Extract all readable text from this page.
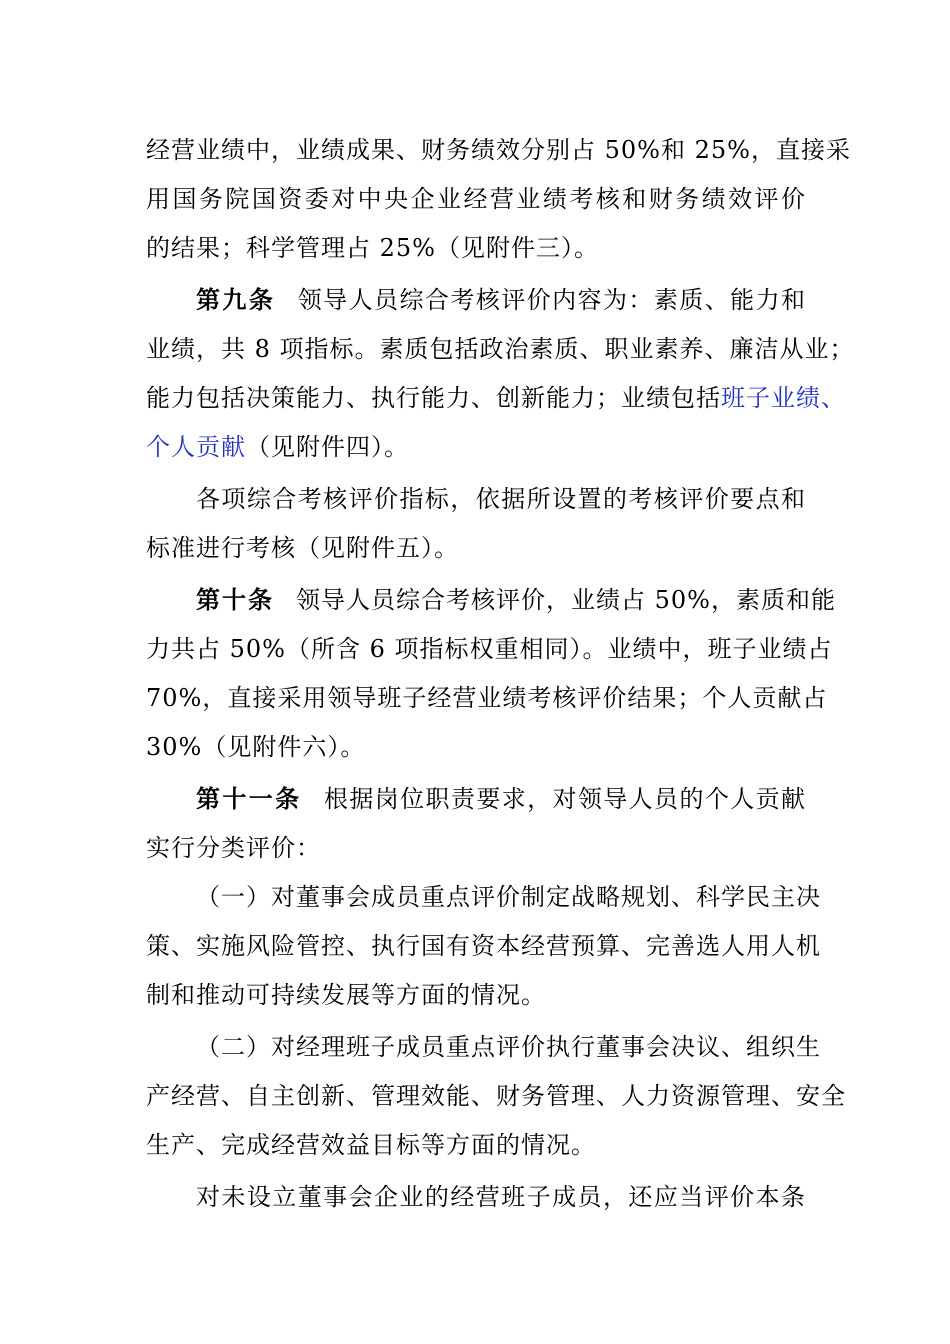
经营业绩中，业绩成果、财务绩效分别占 50%和 25%，直接采
用国务院国资委对中央企业经营业绩考核和财务绩效评价
的结果；科学管理占 25%（见附件三）。
第九条 领导人员综合考核评价内容为：素质、能力和
业绩，共 8 项指标。素质包括政治素质、职业素养、廉洁从业；
能力包括决策能力、执行能力、创新能力；业绩包括班子业绩、
个人贡献（见附件四）。
各项综合考核评价指标，依据所设置的考核评价要点和
标准进行考核（见附件五）。
第十条 领导人员综合考核评价，业绩占 50%，素质和能
力共占 50%（所含 6 项指标权重相同）。业绩中，班子业绩占
70%，直接采用领导班子经营业绩考核评价结果；个人贡献占
30%（见附件六）。
第十一条 根据岗位职责要求，对领导人员的个人贡献
实行分类评价：
（一）对董事会成员重点评价制定战略规划、科学民主决
策、实施风险管控、执行国有资本经营预算、完善选人用人机
制和推动可持续发展等方面的情况。
（二）对经理班子成员重点评价执行董事会决议、组织生
产经营、自主创新、管理效能、财务管理、人力资源管理、安全
生产、完成经营效益目标等方面的情况。
对未设立董事会企业的经营班子成员，还应当评价本条
